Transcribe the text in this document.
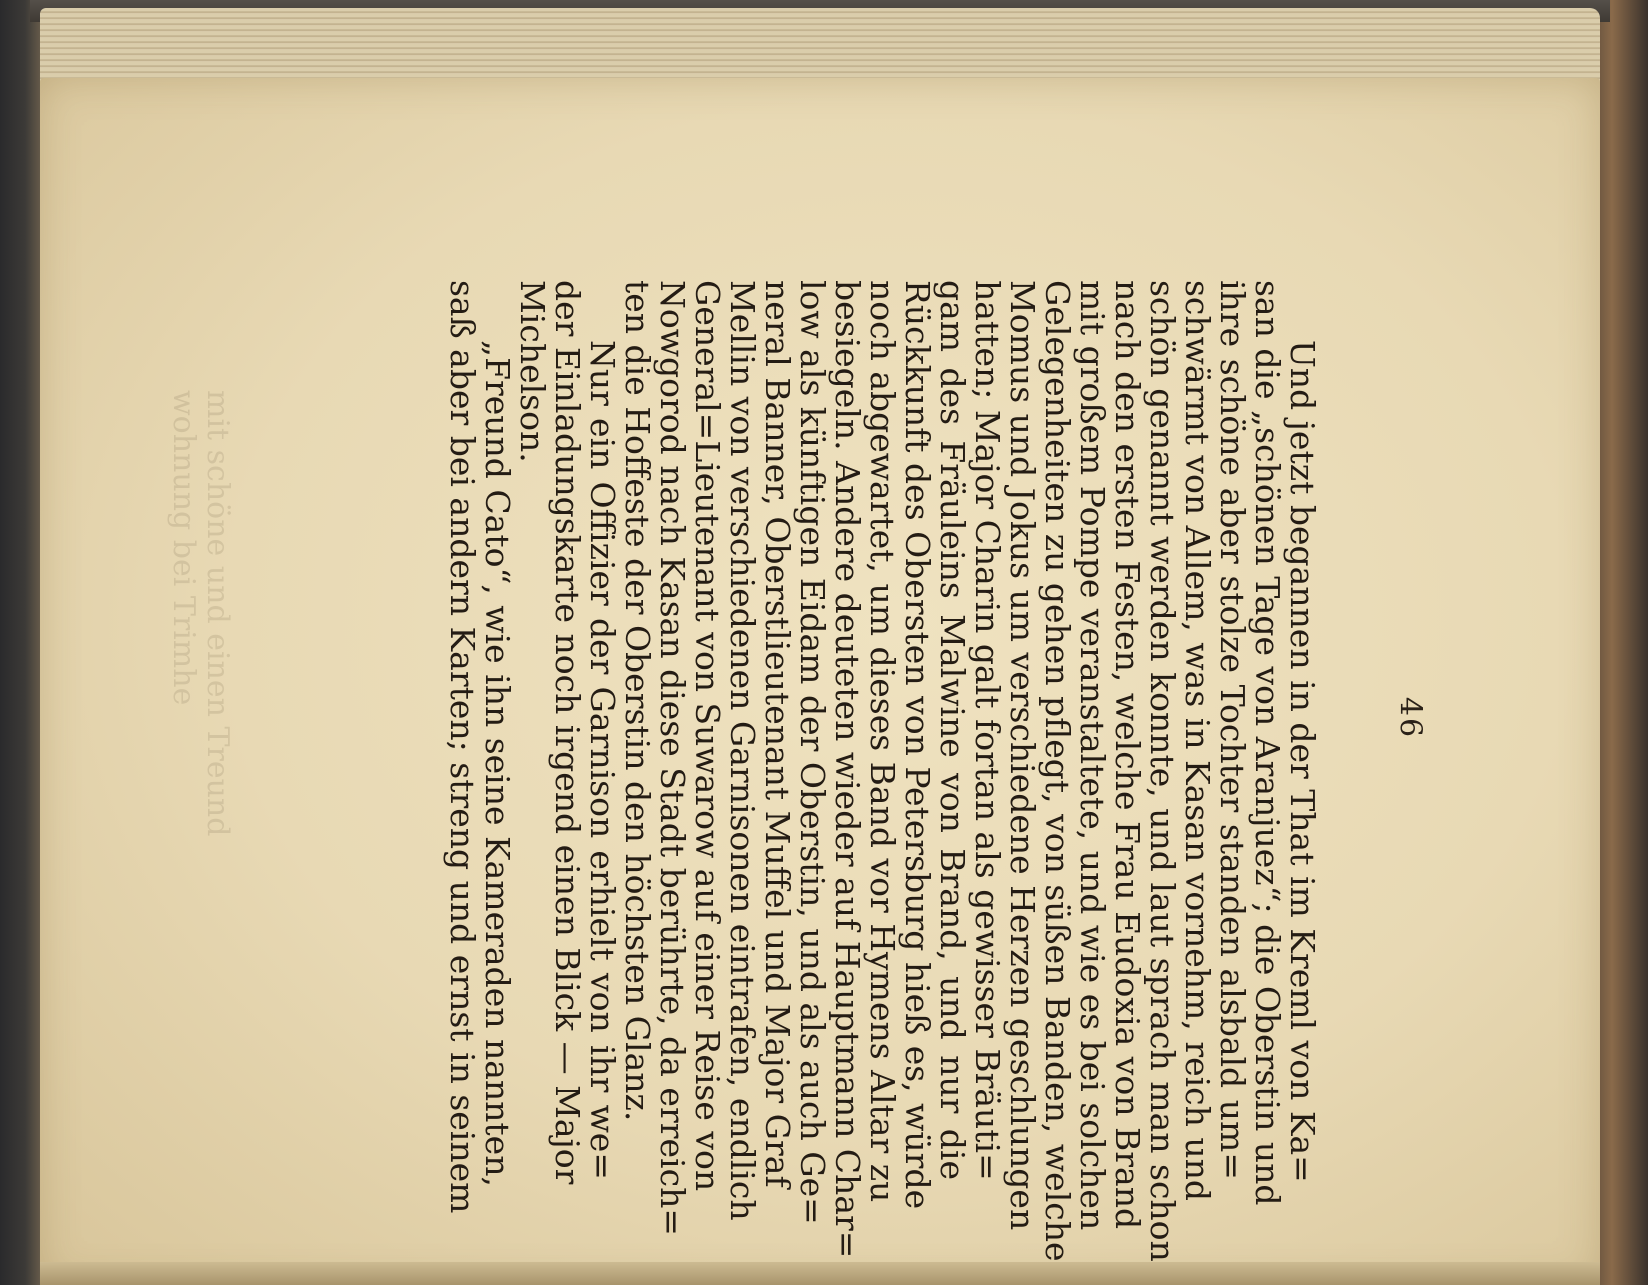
mit schöne und einen Treund
wohnung bei Trimhe
46
Und jetzt begannen in der That im Kreml von Ka=
san die „schönen Tage von Aranjuez“; die Oberstin und
ihre schöne aber stolze Tochter standen alsbald um=
schwärmt von Allem, was in Kasan vornehm, reich und
schön genannt werden konnte, und laut sprach man schon
nach den ersten Festen, welche Frau Eudoxia von Brand
mit großem Pompe veranstaltete, und wie es bei solchen
Gelegenheiten zu gehen pflegt, von süßen Banden, welche
Momus und Jokus um verschiedene Herzen geschlungen
hatten; Major Charin galt fortan als gewisser Bräuti=
gam des Fräuleins Malwine von Brand, und nur die
Rückkunft des Obersten von Petersburg hieß es, würde
noch abgewartet, um dieses Band vor Hymens Altar zu
besiegeln. Andere deuteten wieder auf Hauptmann Char=
low als künftigen Eidam der Oberstin, und als auch Ge=
neral Banner, Oberstlieutenant Muffel und Major Graf
Mellin von verschiedenen Garnisonen eintrafen, endlich
General=Lieutenant von Suwarow auf einer Reise von
Nowgorod nach Kasan diese Stadt berührte, da erreich=
ten die Hoffeste der Oberstin den höchsten Glanz.
Nur ein Offizier der Garnison erhielt von ihr we=
der Einladungskarte noch irgend einen Blick — Major
Michelson.
„Freund Cato“, wie ihn seine Kameraden nannten,
saß aber bei andern Karten; streng und ernst in seinem
